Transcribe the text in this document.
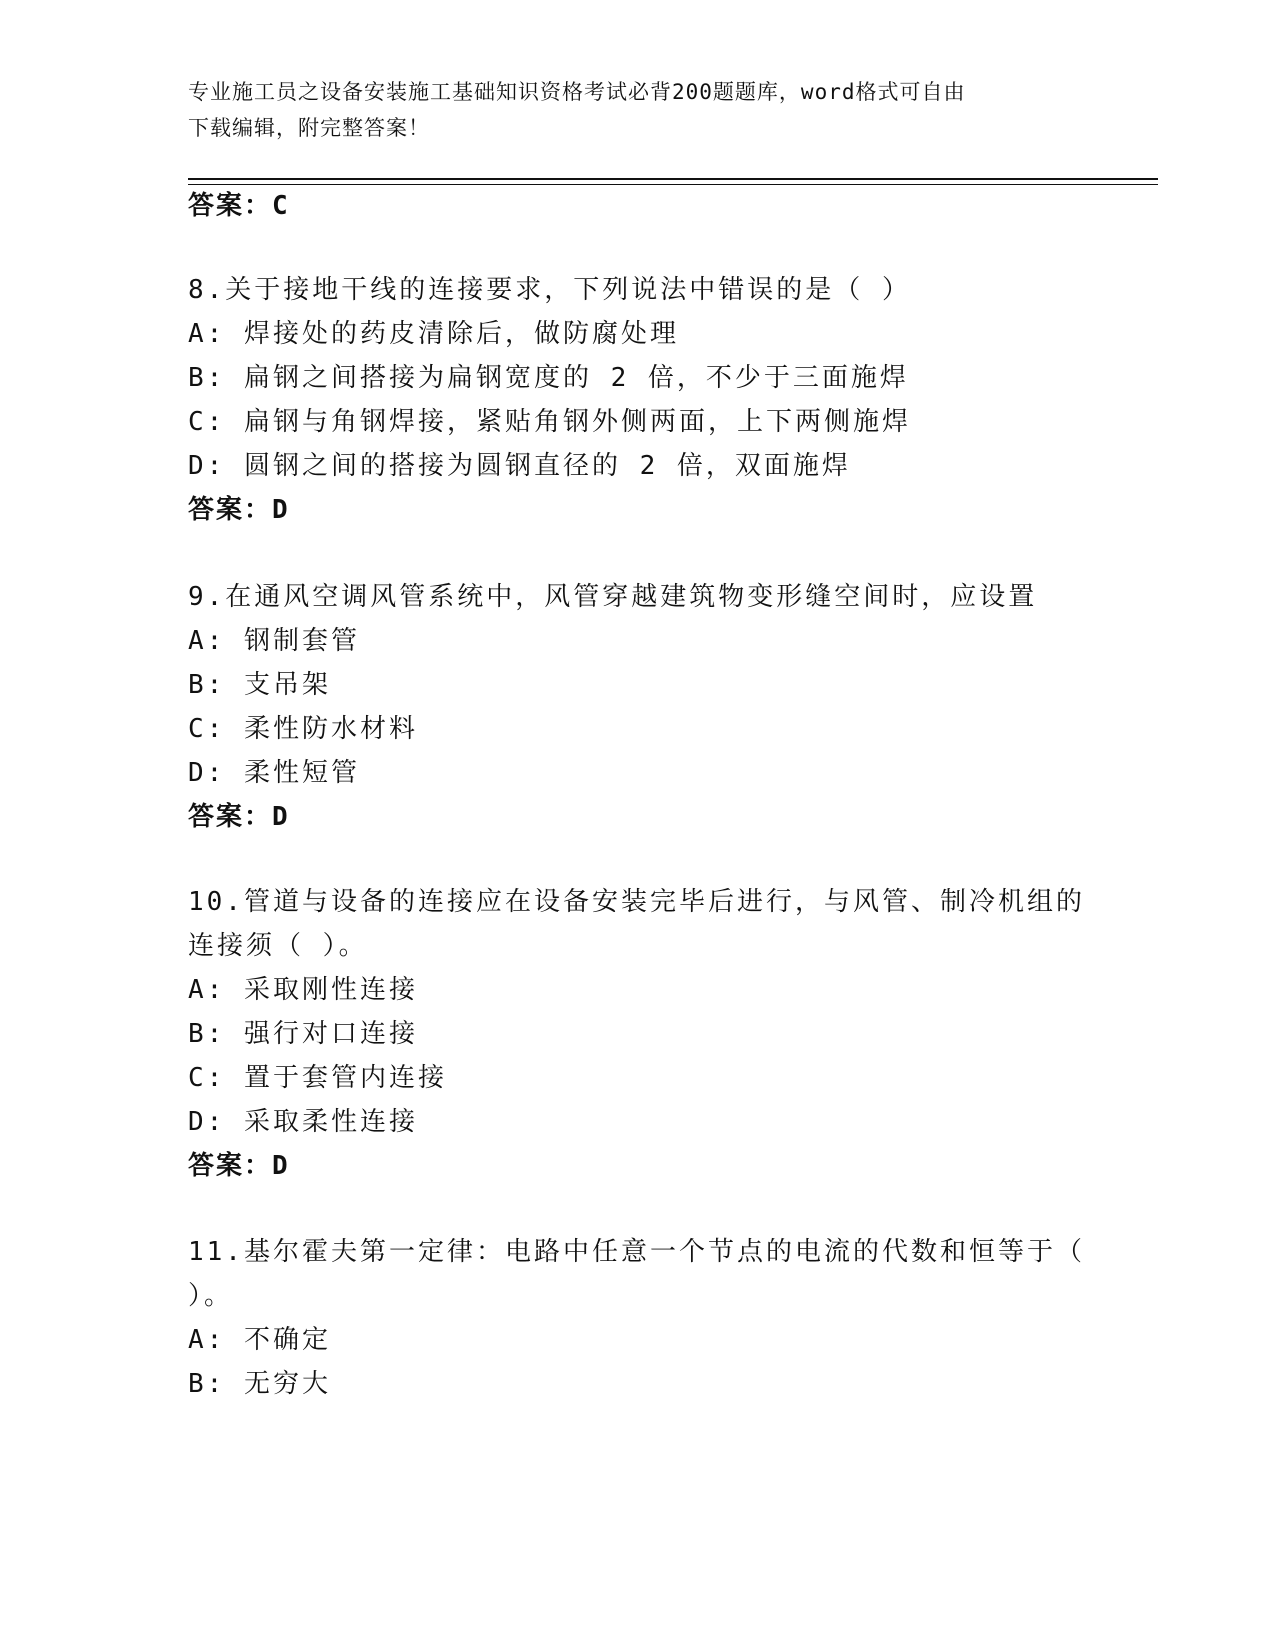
专业施工员之设备安装施工基础知识资格考试必背200题题库，word格式可自由
下载编辑，附完整答案！
答案：C
8.关于接地干线的连接要求，下列说法中错误的是（ ）
A: 焊接处的药皮清除后，做防腐处理
B: 扁钢之间搭接为扁钢宽度的 2 倍，不少于三面施焊
C: 扁钢与角钢焊接，紧贴角钢外侧两面，上下两侧施焊
D: 圆钢之间的搭接为圆钢直径的 2 倍，双面施焊
答案：D
9.在通风空调风管系统中，风管穿越建筑物变形缝空间时，应设置
A: 钢制套管
B: 支吊架
C: 柔性防水材料
D: 柔性短管
答案：D
10.管道与设备的连接应在设备安装完毕后进行，与风管、制冷机组的
连接须（ ）。
A: 采取刚性连接
B: 强行对口连接
C: 置于套管内连接
D: 采取柔性连接
答案：D
11.基尔霍夫第一定律：电路中任意一个节点的电流的代数和恒等于（
）。
A: 不确定
B: 无穷大
